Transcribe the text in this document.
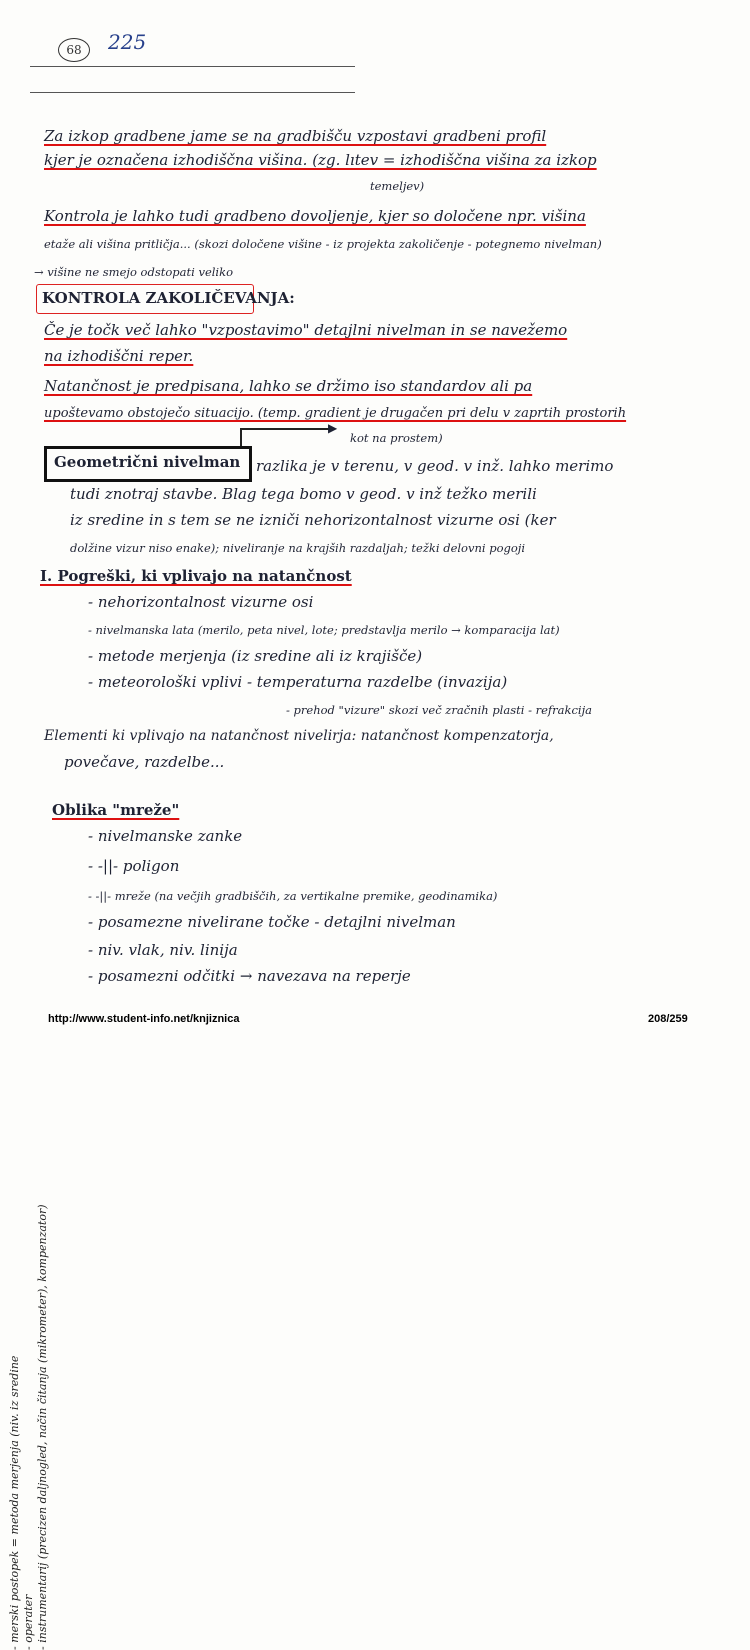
68	225
Za izkop gradbene jame se na gradbišču vzpostavi gradbeni profil
kjer je označena izhodiščna višina. (zg. lıtev = izhodiščna višina za izkop
temeljev)
Kontrola je lahko tudi gradbeno dovoljenje, kjer so določene npr. višina
etaže ali višina pritličja... (skozi določene višine - iz projekta zakoličenje - potegnemo nivelman)
→ višine ne smejo odstopati veliko
KONTROLA ZAKOLIČEVANJA:
Če je točk več lahko "vzpostavimo" detajlni nivelman in se navežemo
na izhodiščni reper.
Natančnost je predpisana, lahko se držimo iso standardov ali pa
upoštevamo obstoječo situacijo. (temp. gradient je drugačen pri delu v zaprtih prostorih
kot na prostem)
▶
Geometrični nivelman razlika je v terenu, v geod. v inž. lahko merimo
tudi znotraj stavbe. Blag tega bomo v geod. v inž težko merili
iz sredine in s tem se ne izniči nehorizontalnost vizurne osi (ker
dolžine vizur niso enake); niveliranje na krajših razdaljah; težki delovni pogoji
I. Pogreški, ki vplivajo na natančnost
- nehorizontalnost vizurne osi
- nivelmanska lata (merilo, peta nivel, lote; predstavlja merilo → komparacija lat)
- metode merjenja (iz sredine ali iz krajišče)
- meteorološki vplivi - temperaturna razdelbe (invazija)
- prehod "vizure" skozi več zračnih plasti - refrakcija
Elementi ki vplivajo na natančnost nivelirja: natančnost kompenzatorja,
povečave, razdelbe...
Oblika "mreže"
- nivelmanske zanke
- -||- poligon
- -||- mreže (na večjih gradbiščih, za vertikalne premike, geodinamika)
- posamezne nivelirane točke - detajlni nivelman
- niv. vlak, niv. linija
- posamezni odčitki → navezava na reperje
- merski postopek = metoda merjenja (niv. iz sredine - operater - instrumentarij (precizen daljnogled, način čitanja (mikrometer), kompenzator)
http://www.student-info.net/knjiznica	208/259
